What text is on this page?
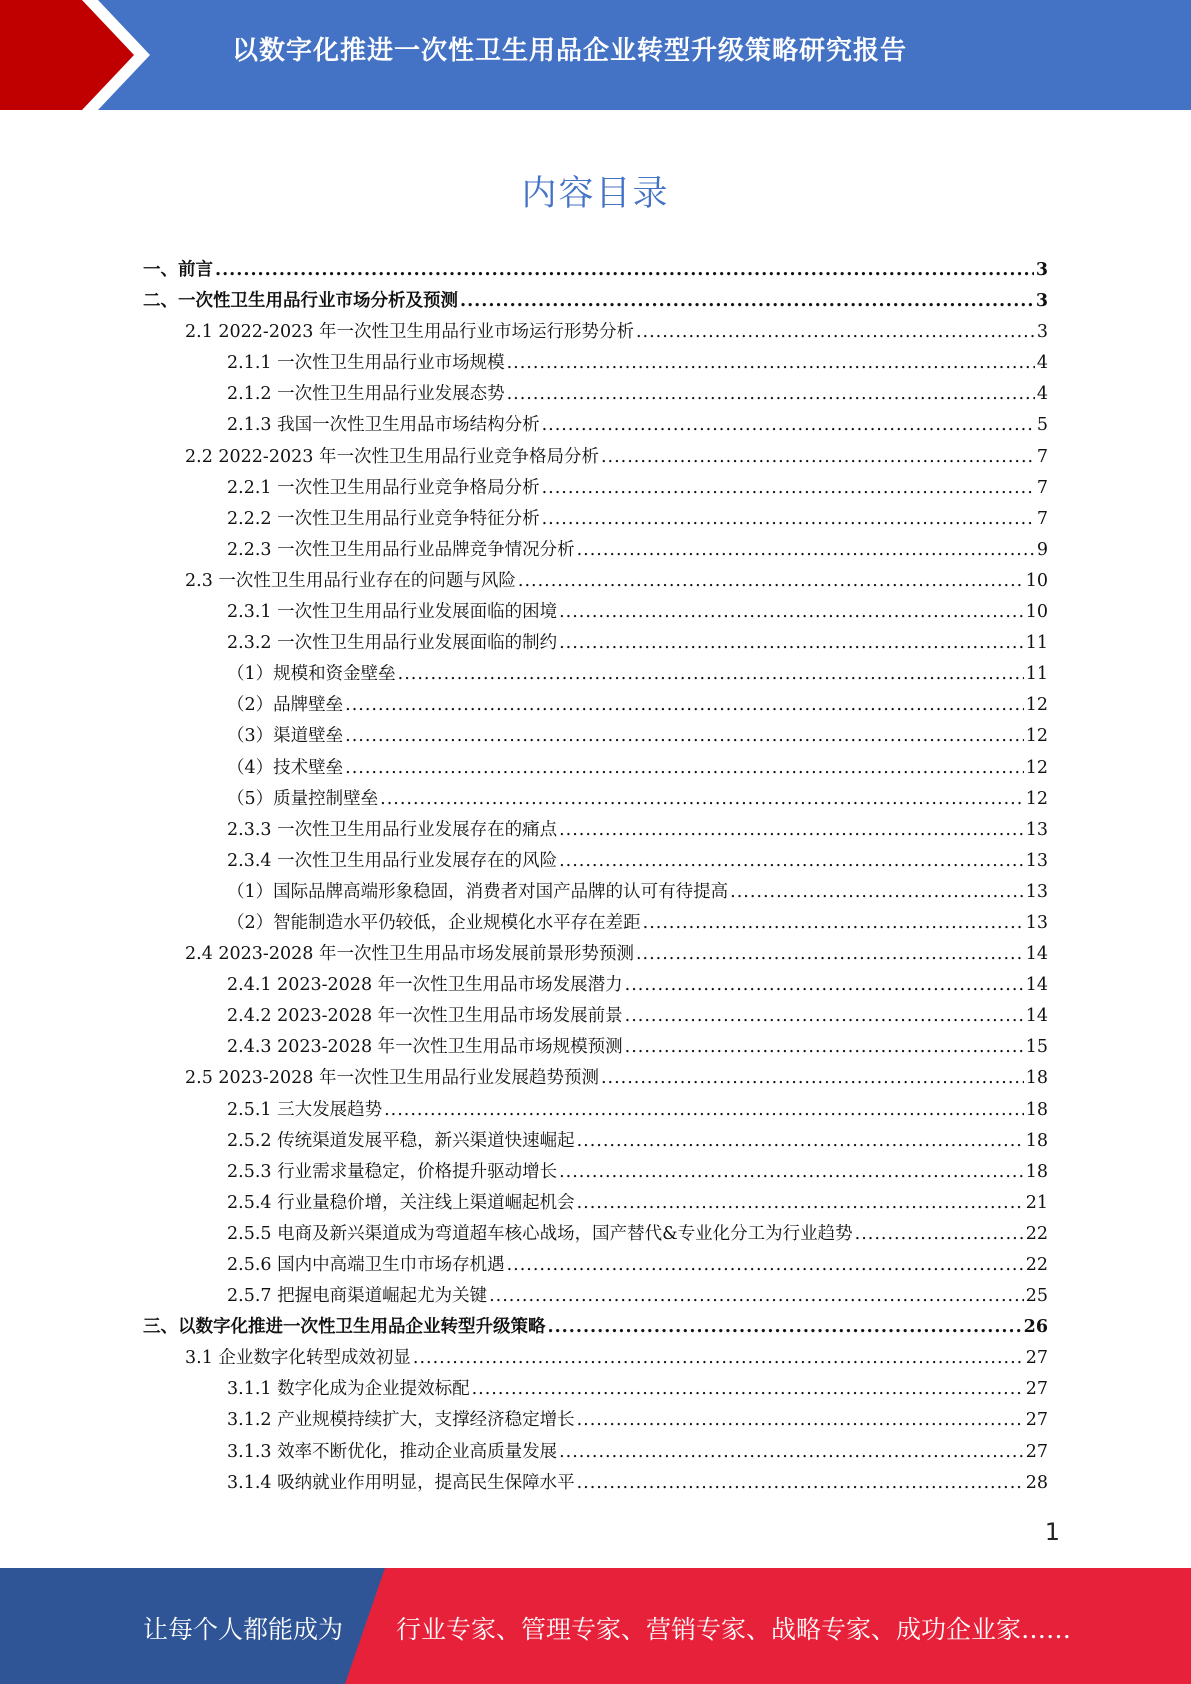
以数字化推进一次性卫生用品企业转型升级策略研究报告
内容目录
一、前言 .....	3
二、一次性卫生用品行业市场分析及预测 .....	3
2.1 2022-2023 年一次性卫生用品行业市场运行形势分析 .....	3
2.1.1 一次性卫生用品行业市场规模 .....	4
2.1.2 一次性卫生用品行业发展态势 .....	4
2.1.3 我国一次性卫生用品市场结构分析 .....	5
2.2 2022-2023 年一次性卫生用品行业竞争格局分析 .....	7
2.2.1 一次性卫生用品行业竞争格局分析 .....	7
2.2.2 一次性卫生用品行业竞争特征分析 .....	7
2.2.3 一次性卫生用品行业品牌竞争情况分析 .....	9
2.3 一次性卫生用品行业存在的问题与风险 .....	10
2.3.1 一次性卫生用品行业发展面临的困境 .....	10
2.3.2 一次性卫生用品行业发展面临的制约 .....	11
（1）规模和资金壁垒 .....	11
（2）品牌壁垒 .....	12
（3）渠道壁垒 .....	12
（4）技术壁垒 .....	12
（5）质量控制壁垒 .....	12
2.3.3 一次性卫生用品行业发展存在的痛点 .....	13
2.3.4 一次性卫生用品行业发展存在的风险 .....	13
（1）国际品牌高端形象稳固，消费者对国产品牌的认可有待提高 .....	13
（2）智能制造水平仍较低，企业规模化水平存在差距 .....	13
2.4 2023-2028 年一次性卫生用品市场发展前景形势预测 .....	14
2.4.1 2023-2028 年一次性卫生用品市场发展潜力 .....	14
2.4.2 2023-2028 年一次性卫生用品市场发展前景 .....	14
2.4.3 2023-2028 年一次性卫生用品市场规模预测 .....	15
2.5 2023-2028 年一次性卫生用品行业发展趋势预测 .....	18
2.5.1 三大发展趋势 .....	18
2.5.2 传统渠道发展平稳，新兴渠道快速崛起 .....	18
2.5.3 行业需求量稳定，价格提升驱动增长 .....	18
2.5.4 行业量稳价增，关注线上渠道崛起机会 .....	21
2.5.5 电商及新兴渠道成为弯道超车核心战场，国产替代&专业化分工为行业趋势 .....	22
2.5.6 国内中高端卫生巾市场存机遇 .....	22
2.5.7 把握电商渠道崛起尤为关键 .....	25
三、以数字化推进一次性卫生用品企业转型升级策略 .....	26
3.1 企业数字化转型成效初显 .....	27
3.1.1 数字化成为企业提效标配 .....	27
3.1.2 产业规模持续扩大，支撑经济稳定增长 .....	27
3.1.3 效率不断优化，推动企业高质量发展 .....	27
3.1.4 吸纳就业作用明显，提高民生保障水平 .....	28
1
让每个人都能成为 行业专家、管理专家、营销专家、战略专家、成功企业家……
